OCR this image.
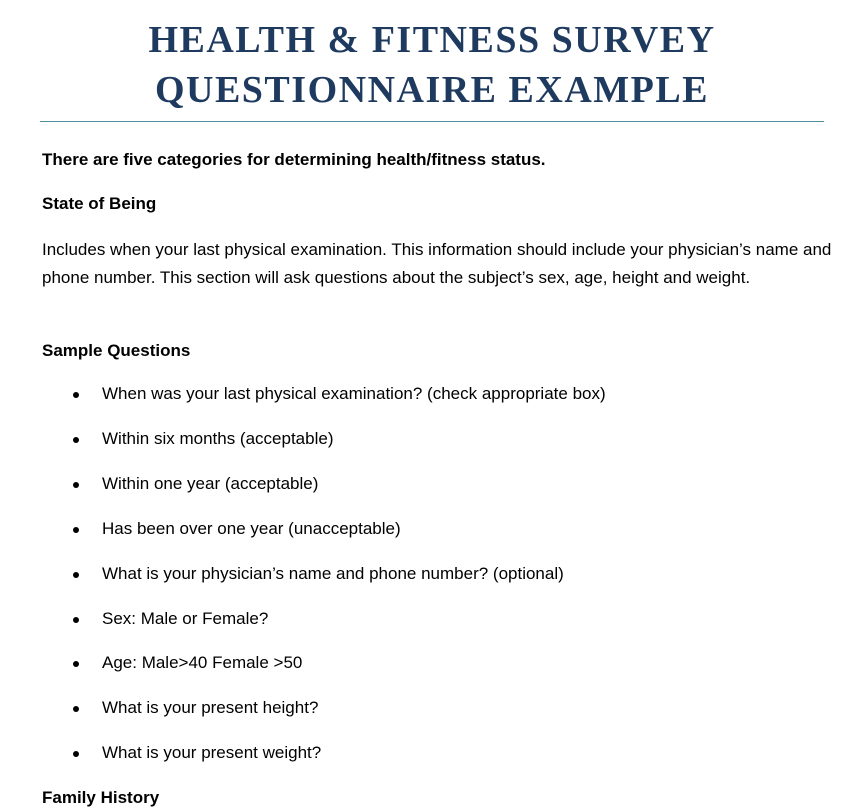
HEALTH & FITNESS SURVEY
QUESTIONNAIRE EXAMPLE

There are five categories for determining health/fitness status.

State of Being

Includes when your last physical examination. This information should include your physician’s name and phone number. This section will ask questions about the subject’s sex, age, height and weight.

Sample Questions

When was your last physical examination? (check appropriate box)
Within six months (acceptable)
Within one year (acceptable)
Has been over one year (unacceptable)
What is your physician’s name and phone number? (optional)
Sex: Male or Female?
Age: Male>40 Female >50
What is your present height?
What is your present weight?

Family History
